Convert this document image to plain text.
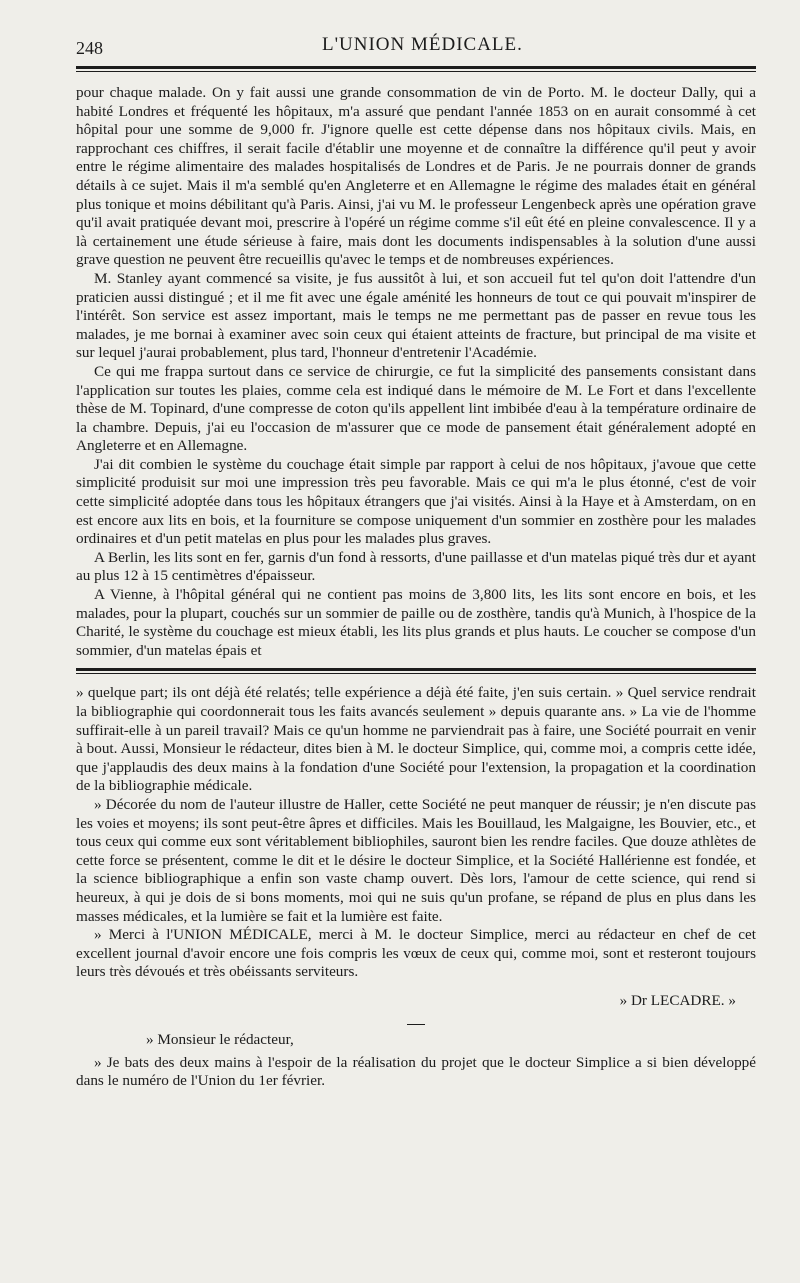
248	L'UNION MÉDICALE.

pour chaque malade. On y fait aussi une grande consommation de vin de Porto. M. le docteur Dally, qui a habité Londres et fréquenté les hôpitaux, m'a assuré que pendant l'année 1853 on en aurait consommé à cet hôpital pour une somme de 9,000 fr. J'ignore quelle est cette dépense dans nos hôpitaux civils. Mais, en rapprochant ces chiffres, il serait facile d'établir une moyenne et de connaître la différence qu'il peut y avoir entre le régime alimentaire des malades hospitalisés de Londres et de Paris. Je ne pourrais donner de grands détails à ce sujet. Mais il m'a semblé qu'en Angleterre et en Allemagne le régime des malades était en général plus tonique et moins débilitant qu'à Paris. Ainsi, j'ai vu M. le professeur Lengenbeck après une opération grave qu'il avait pratiquée devant moi, prescrire à l'opéré un régime comme s'il eût été en pleine convalescence. Il y a là certainement une étude sérieuse à faire, mais dont les documents indispensables à la solution d'une aussi grave question ne peuvent être recueillis qu'avec le temps et de nombreuses expériences.

M. Stanley ayant commencé sa visite, je fus aussitôt à lui, et son accueil fut tel qu'on doit l'attendre d'un praticien aussi distingué ; et il me fit avec une égale aménité les honneurs de tout ce qui pouvait m'inspirer de l'intérêt. Son service est assez important, mais le temps ne me permettant pas de passer en revue tous les malades, je me bornai à examiner avec soin ceux qui étaient atteints de fracture, but principal de ma visite et sur lequel j'aurai probablement, plus tard, l'honneur d'entretenir l'Académie.

Ce qui me frappa surtout dans ce service de chirurgie, ce fut la simplicité des pansements consistant dans l'application sur toutes les plaies, comme cela est indiqué dans le mémoire de M. Le Fort et dans l'excellente thèse de M. Topinard, d'une compresse de coton qu'ils appellent lint imbibée d'eau à la température ordinaire de la chambre. Depuis, j'ai eu l'occasion de m'assurer que ce mode de pansement était généralement adopté en Angleterre et en Allemagne.

J'ai dit combien le système du couchage était simple par rapport à celui de nos hôpitaux, j'avoue que cette simplicité produisit sur moi une impression très peu favorable. Mais ce qui m'a le plus étonné, c'est de voir cette simplicité adoptée dans tous les hôpitaux étrangers que j'ai visités. Ainsi à la Haye et à Amsterdam, on en est encore aux lits en bois, et la fourniture se compose uniquement d'un sommier en zosthère pour les malades ordinaires et d'un petit matelas en plus pour les malades plus graves.

A Berlin, les lits sont en fer, garnis d'un fond à ressorts, d'une paillasse et d'un matelas piqué très dur et ayant au plus 12 à 15 centimètres d'épaisseur.

A Vienne, à l'hôpital général qui ne contient pas moins de 3,800 lits, les lits sont encore en bois, et les malades, pour la plupart, couchés sur un sommier de paille ou de zosthère, tandis qu'à Munich, à l'hospice de la Charité, le système du couchage est mieux établi, les lits plus grands et plus hauts. Le coucher se compose d'un sommier, d'un matelas épais et

» quelque part; ils ont déjà été relatés; telle expérience a déjà été faite, j'en suis certain. » Quel service rendrait la bibliographie qui coordonnerait tous les faits avancés seulement » depuis quarante ans. » La vie de l'homme suffirait-elle à un pareil travail? Mais ce qu'un homme ne parviendrait pas à faire, une Société pourrait en venir à bout. Aussi, Monsieur le rédacteur, dites bien à M. le docteur Simplice, qui, comme moi, a compris cette idée, que j'applaudis des deux mains à la fondation d'une Société pour l'extension, la propagation et la coordination de la bibliographie médicale.

» Décorée du nom de l'auteur illustre de Haller, cette Société ne peut manquer de réussir; je n'en discute pas les voies et moyens; ils sont peut-être âpres et difficiles. Mais les Bouillaud, les Malgaigne, les Bouvier, etc., et tous ceux qui comme eux sont véritablement bibliophiles, sauront bien les rendre faciles. Que douze athlètes de cette force se présentent, comme le dit et le désire le docteur Simplice, et la Société Hallérienne est fondée, et la science bibliographique a enfin son vaste champ ouvert. Dès lors, l'amour de cette science, qui rend si heureux, à qui je dois de si bons moments, moi qui ne suis qu'un profane, se répand de plus en plus dans les masses médicales, et la lumière se fait et la lumière est faite.

» Merci à l'UNION MÉDICALE, merci à M. le docteur Simplice, merci au rédacteur en chef de cet excellent journal d'avoir encore une fois compris les vœux de ceux qui, comme moi, sont et resteront toujours leurs très dévoués et très obéissants serviteurs.

» Dr LECADRE. »
» Monsieur le rédacteur,

» Je bats des deux mains à l'espoir de la réalisation du projet que le docteur Simplice a si bien développé dans le numéro de l'Union du 1er février.
